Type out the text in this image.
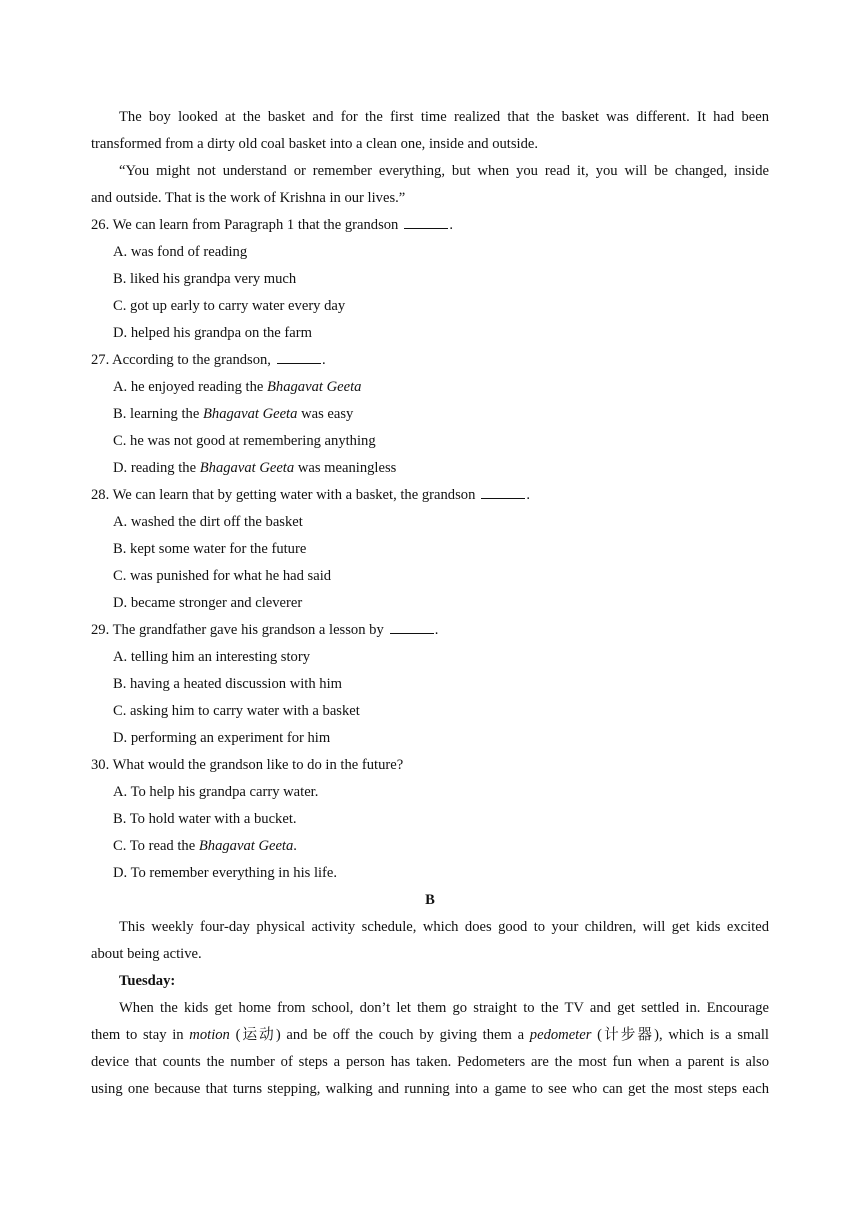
The boy looked at the basket and for the first time realized that the basket was different. It had been
transformed from a dirty old coal basket into a clean one, inside and outside.
“You might not understand or remember everything, but when you read it, you will be changed, inside
and outside. That is the work of Krishna in our lives.”
26. We can learn from Paragraph 1 that the grandson	.
A. was fond of reading
B. liked his grandpa very much
C. got up early to carry water every day
D. helped his grandpa on the farm
27. According to the grandson,	.
A. he enjoyed reading the Bhagavat Geeta
B. learning the Bhagavat Geeta was easy
C. he was not good at remembering anything
D. reading the Bhagavat Geeta was meaningless
28. We can learn that by getting water with a basket, the grandson	.
A. washed the dirt off the basket
B. kept some water for the future
C. was punished for what he had said
D. became stronger and cleverer
29. The grandfather gave his grandson a lesson by	.
A. telling him an interesting story
B. having a heated discussion with him
C. asking him to carry water with a basket
D. performing an experiment for him
30. What would the grandson like to do in the future?
A. To help his grandpa carry water.
B. To hold water with a bucket.
C. To read the Bhagavat Geeta.
D. To remember everything in his life.
B
This weekly four-day physical activity schedule, which does good to your children, will get kids excited
about being active.
Tuesday:
When the kids get home from school, don’t let them go straight to the TV and get settled in. Encourage
them to stay in motion (运动) and be off the couch by giving them a pedometer (计步器), which is a small
device that counts the number of steps a person has taken. Pedometers are the most fun when a parent is also
using one because that turns stepping, walking and running into a game to see who can get the most steps each
